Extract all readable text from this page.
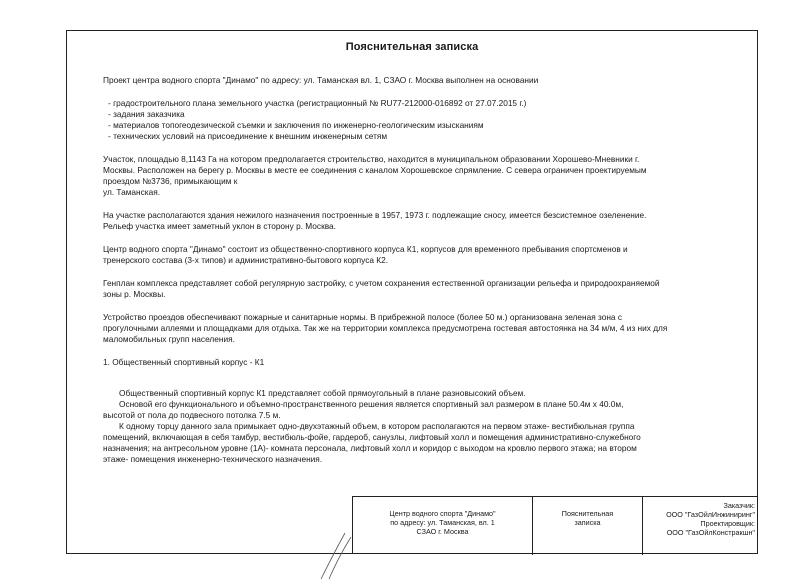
Пояснительная записка

Проект центра водного спорта "Динамо" по адресу: ул. Таманская вл. 1, СЗАО г. Москва выполнен на основании

- градостроительного плана земельного участка (регистрационный № RU77-212000-016892 от 27.07.2015 г.)

- задания заказчика

- материалов топогеодезической съемки и заключения по инженерно-геологическим изысканиям

- технических условий на присоединение к внешним инженерным сетям

Участок, площадью 8,1143 Га на котором предполагается строительство, находится в муниципальном образовании Хорошево-Мневники г.

Москвы. Расположен на берегу р. Москвы в месте ее соединения с каналом Хорошевское спрямление. С севера ограничен проектируемым

проездом №3736, примыкающим к

ул. Таманская.

На участке располагаются здания нежилого назначения построенные в 1957, 1973 г. подлежащие сносу, имеется безсистемное озеленение.

Рельеф участка имеет заметный уклон в сторону р. Москва.

Центр водного спорта "Динамо" состоит из общественно-спортивного корпуса К1, корпусов для временного пребывания спортсменов и

тренерского состава (3-х типов) и административно-бытового корпуса К2.

Генплан комплекса представляет собой регулярную застройку, с учетом сохранения естественной организации рельефа и природоохраняемой

зоны р. Москвы.

Устройство проездов обеспечивают пожарные и санитарные нормы. В прибрежной полосе (более 50 м.) организована зеленая зона с

прогулочными аллеями и площадками для отдыха. Так же на территории комплекса предусмотрена гостевая автостоянка на 34 м/м, 4 из них для

маломобильных групп населения.

1. Общественный спортивный корпус - К1

Общественный спортивный корпус К1 представляет собой прямоугольный в плане разновысокий объем.

Основой его функционального и объемно-пространственного решения является спортивный зал размером в плане 50.4м х 40.0м,

высотой от пола до подвесного потолка 7.5 м.

К одному торцу данного зала примыкает одно-двухэтажный объем, в котором располагаются на первом этаже- вестибюльная группа

помещений, включающая в себя тамбур, вестибюль-фойе, гардероб, санузлы, лифтовый холл и помещения административно-служебного

назначения; на антресольном уровне (1А)- комната персонала, лифтовый холл и коридор с выходом на кровлю первого этажа; на втором

этаже- помещения инженерно-технического назначения.

Центр водного спорта "Динамо"
по адресу: ул. Таманская, вл. 1
СЗАО г. Москва
Пояснительная
записка
Заказчик:
ООО "ГазОйлИнжиниринг"
Проектировщик:
ООО "ГазОйлКонстракшн"
